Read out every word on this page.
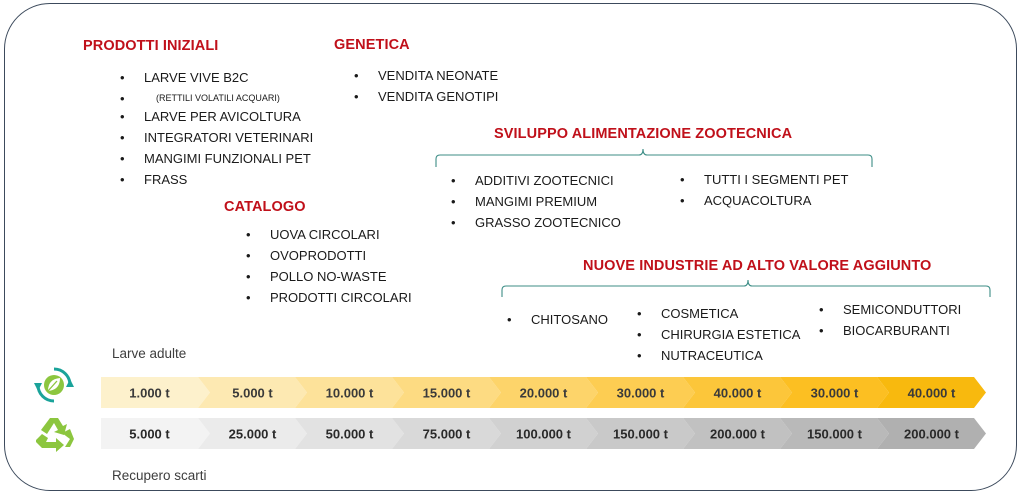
PRODOTTI INIZIALI
• LARVE VIVE B2C
•
• LARVE PER AVICOLTURA
• INTEGRATORI VETERINARI
• MANGIMI FUNZIONALI PET
• FRASS
(RETTILI VOLATILI ACQUARI)
GENETICA
• VENDITA NEONATE
• VENDITA GENOTIPI
CATALOGO
• UOVA CIRCOLARI
• OVOPRODOTTI
• POLLO NO-WASTE
• PRODOTTI CIRCOLARI
SVILUPPO ALIMENTAZIONE ZOOTECNICA
• ADDITIVI ZOOTECNICI
• MANGIMI PREMIUM
• GRASSO ZOOTECNICO
• TUTTI I SEGMENTI PET
• ACQUACOLTURA
NUOVE INDUSTRIE AD ALTO VALORE AGGIUNTO
• CHITOSANO
•	COSMETICA
• CHIRURGIA ESTETICA
• NUTRACEUTICA
• SEMICONDUTTORI
• BIOCARBURANTI
Larve adulte
Recupero scarti
1.000 t	5.000 t	10.000 t	15.000 t	20.000 t	30.000 t	40.000 t	30.000 t	40.000 t
5.000 t	25.000 t	50.000 t	75.000 t	100.000 t	150.000 t	200.000 t	150.000 t	200.000 t
